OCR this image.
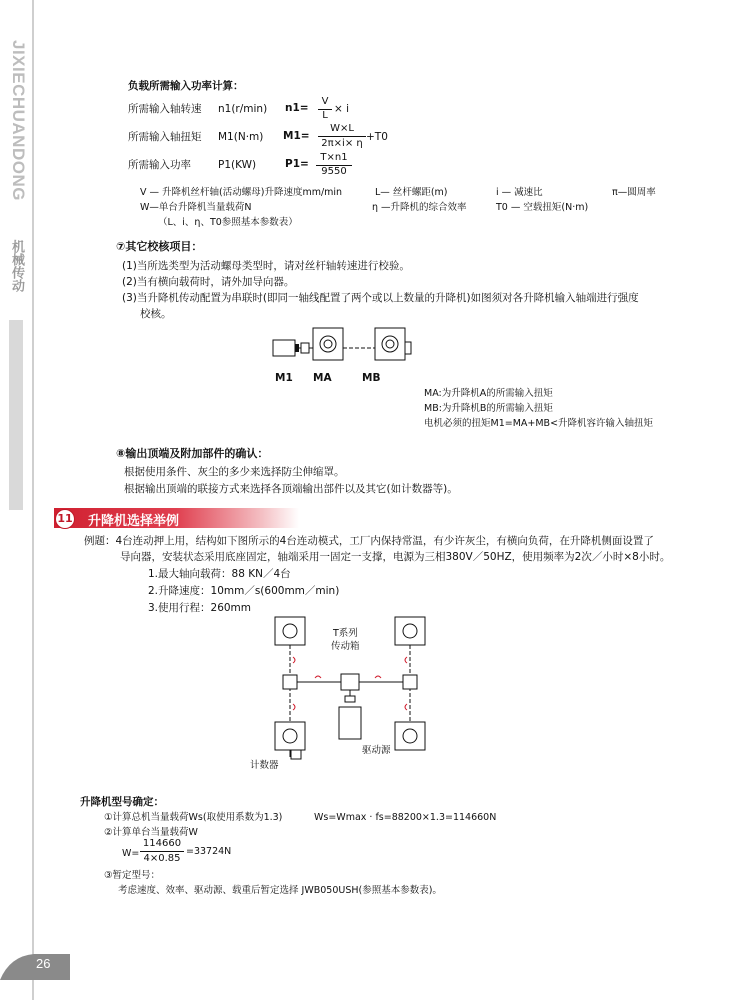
JIXIECHUANDONG
机械传动
26
负载所需输入功率计算：
所需输入轴转速 n1(r/min) n1=
V
L
× i
所需输入轴扭矩 M1(N·m) M1=
W×L
2π×i× η
+T0
所需输入功率	P1(KW)	P1=
T×n1
9550
V — 升降机丝杆轴(活动螺母)升降速度mm/min	L— 丝杆螺距(m)	i — 减速比	π—圆周率
W—单台升降机当量载荷N	η —升降机的综合效率	T0 — 空载扭矩(N·m)
（L、i、η、T0参照基本参数表）
⑦其它校核项目：
(1)当所选类型为活动螺母类型时，请对丝杆轴转速进行校验。
(2)当有横向载荷时，请外加导向器。
(3)当升降机传动配置为串联时(即同一轴线配置了两个或以上数量的升降机)如图须对各升降机输入轴端进行强度
校核。
M1 MA	MB
MA:为升降机A的所需输入扭矩
MB:为升降机B的所需输入扭矩
电机必须的扭矩M1=MA+MB<升降机容许输入轴扭矩
⑧输出顶端及附加部件的确认：
根据使用条件、灰尘的多少来选择防尘伸缩罩。
根据输出顶端的联接方式来选择各顶端输出部件以及其它(如计数器等)。
11 升降机选择举例
例题：4台连动押上用，结构如下图所示的4台连动模式，工厂内保持常温，有少许灰尘，有横向负荷，在升降机侧面设置了
导向器，安装状态采用底座固定，轴端采用一固定一支撑，电源为三相380V／50HZ，使用频率为2次／小时×8小时。
1.最大轴向载荷：88 KN／4台
2.升降速度：10mm／s(600mm／min)
3.使用行程：260mm
T系列
传动箱
驱动源
计数器
升降机型号确定：
①计算总机当量载荷Ws(取使用系数为1.3)	Ws=Wmax · fs=88200×1.3=114660N
②计算单台当量载荷W
W=
114660
4×0.85
=33724N
③暂定型号：
考虑速度、效率、驱动源、载重后暂定选择 JWB050USH(参照基本参数表)。
